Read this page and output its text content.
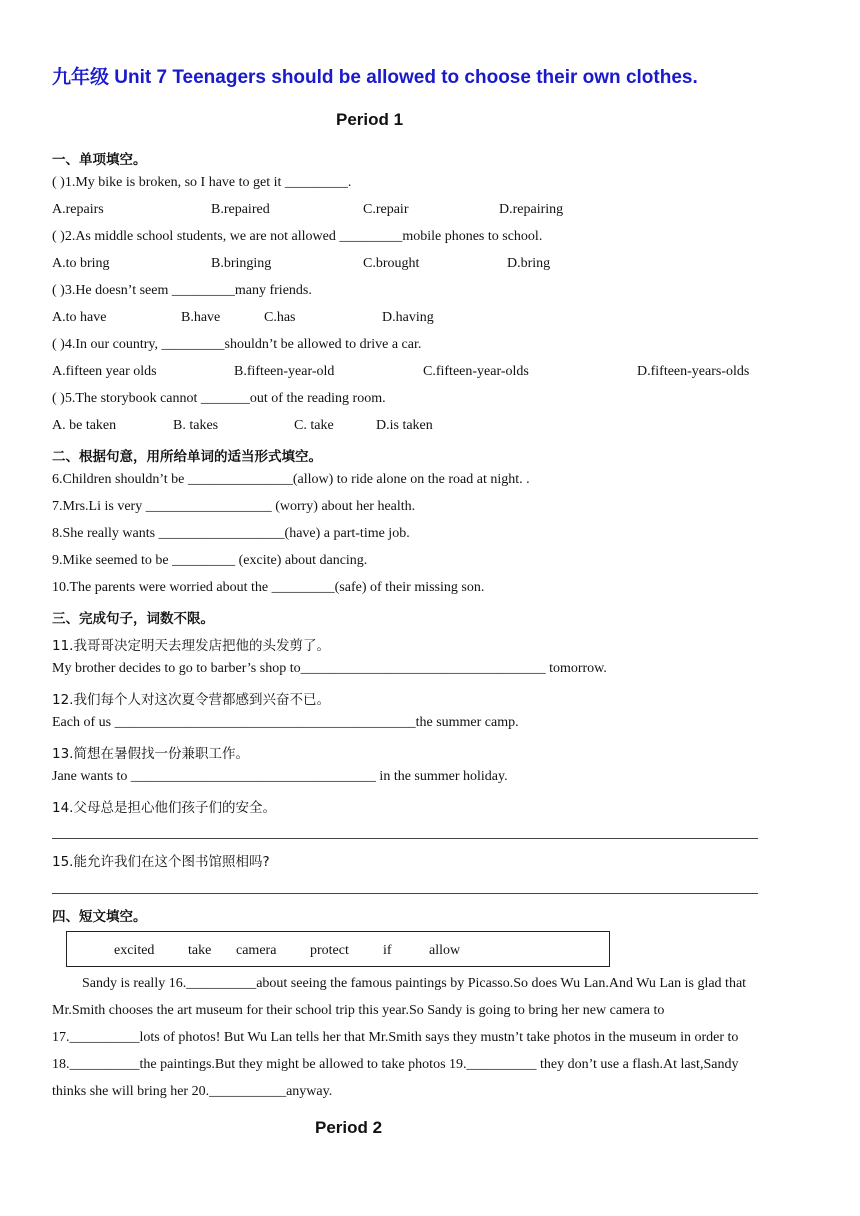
九年级 Unit 7 Teenagers should be allowed to choose their own clothes.
Period 1
一、单项填空。
( )1.My bike is broken, so I have to get it _________.
A.repairs	B.repaired	C.repair	D.repairing
( )2.As middle school students, we are not allowed _________mobile phones to school.
A.to bring	B.bringing	C.brought	D.bring
( )3.He doesn’t seem _________many friends.
A.to have	B.have	C.has	D.having
( )4.In our country, _________shouldn’t be allowed to drive a car.
A.fifteen year olds	B.fifteen-year-old	C.fifteen-year-olds	D.fifteen-years-olds
( )5.The storybook cannot _______out of the reading room.
A. be taken	B. takes	C. take	D.is taken
二、根据句意，用所给单词的适当形式填空。
6.Children shouldn’t be _______________(allow) to ride alone on the road at night. .
7.Mrs.Li is very __________________ (worry) about her health.
8.She really wants __________________(have) a part-time job.
9.Mike seemed to be _________ (excite) about dancing.
10.The parents were worried about the _________(safe) of their missing son.
三、完成句子，词数不限。
11.我哥哥决定明天去理发店把他的头发剪了。
My brother decides to go to barber’s shop to___________________________________ tomorrow.
12.我们每个人对这次夏令营都感到兴奋不已。
Each of us ___________________________________________the summer camp.
13.简想在暑假找一份兼职工作。
Jane wants to ___________________________________ in the summer holiday.
14.父母总是担心他们孩子们的安全。
15.能允许我们在这个图书馆照相吗?
四、短文填空。
excited take camera protect if	allow
Sandy is really 16.__________about seeing the famous paintings by Picasso.So does Wu Lan.And Wu Lan is glad that
Mr.Smith chooses the art museum for their school trip this year.So Sandy is going to bring her new camera to
17.__________lots of photos! But Wu Lan tells her that Mr.Smith says they mustn’t take photos in the museum in order to
18.__________the paintings.But they might be allowed to take photos 19.__________ they don’t use a flash.At last,Sandy
thinks she will bring her 20.___________anyway.
Period 2
